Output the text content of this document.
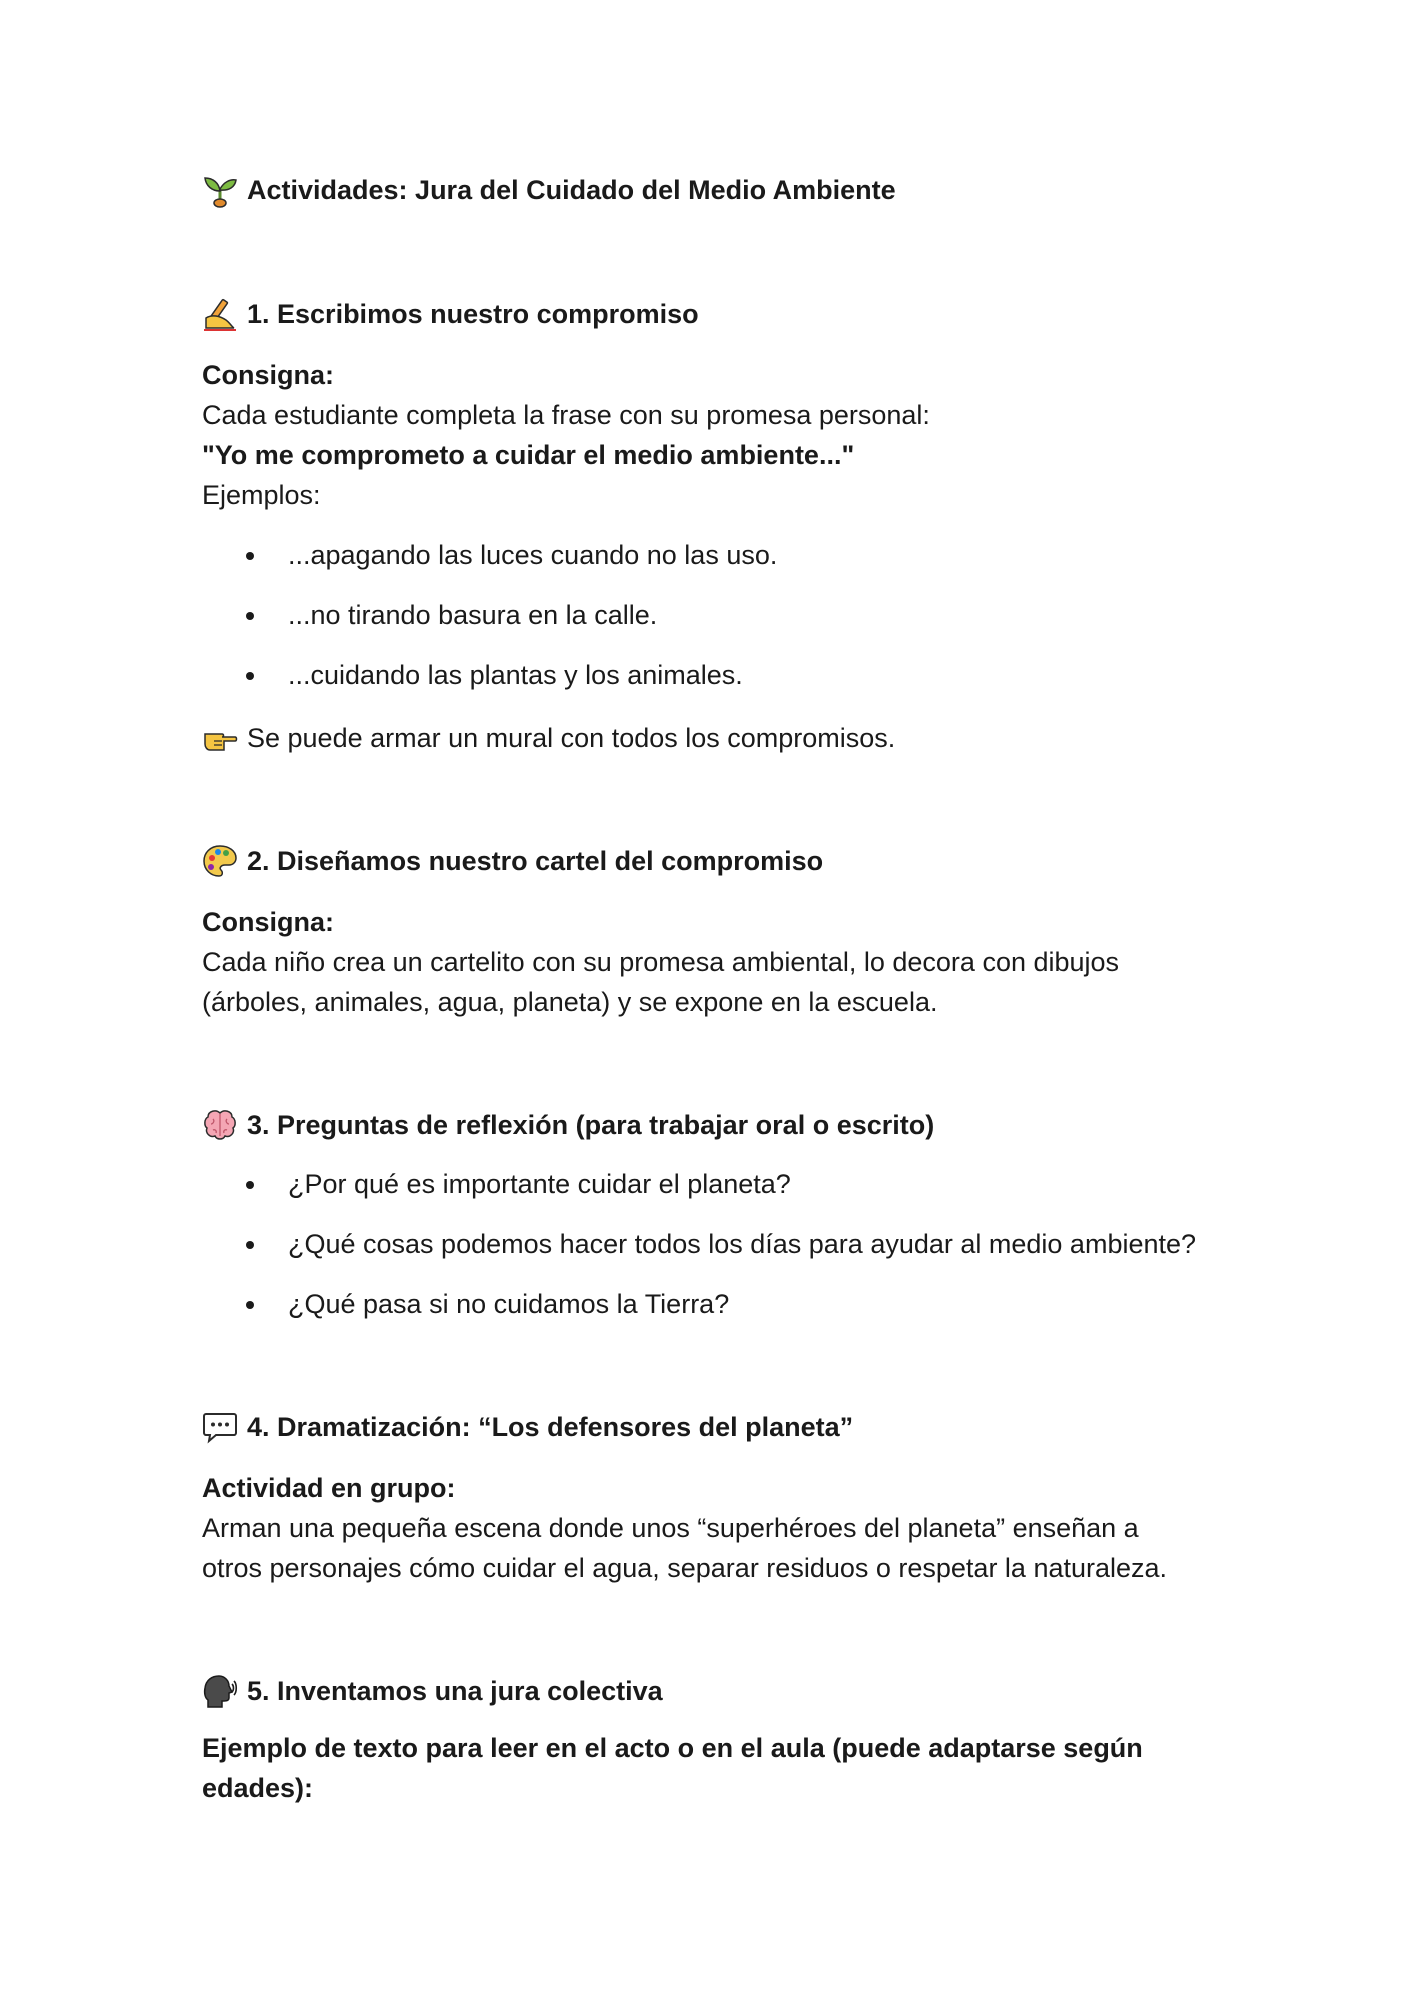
Actividades: Jura del Cuidado del Medio Ambiente
1. Escribimos nuestro compromiso
Consigna:
Cada estudiante completa la frase con su promesa personal:
"Yo me comprometo a cuidar el medio ambiente..."
Ejemplos:
...apagando las luces cuando no las uso.
...no tirando basura en la calle.
...cuidando las plantas y los animales.
Se puede armar un mural con todos los compromisos.
2. Diseñamos nuestro cartel del compromiso
Consigna:
Cada niño crea un cartelito con su promesa ambiental, lo decora con dibujos
(árboles, animales, agua, planeta) y se expone en la escuela.
3. Preguntas de reflexión (para trabajar oral o escrito)
¿Por qué es importante cuidar el planeta?
¿Qué cosas podemos hacer todos los días para ayudar al medio ambiente?
¿Qué pasa si no cuidamos la Tierra?
4. Dramatización: “Los defensores del planeta”
Actividad en grupo:
Arman una pequeña escena donde unos “superhéroes del planeta” enseñan a
otros personajes cómo cuidar el agua, separar residuos o respetar la naturaleza.
5. Inventamos una jura colectiva
Ejemplo de texto para leer en el acto o en el aula (puede adaptarse según
edades):
